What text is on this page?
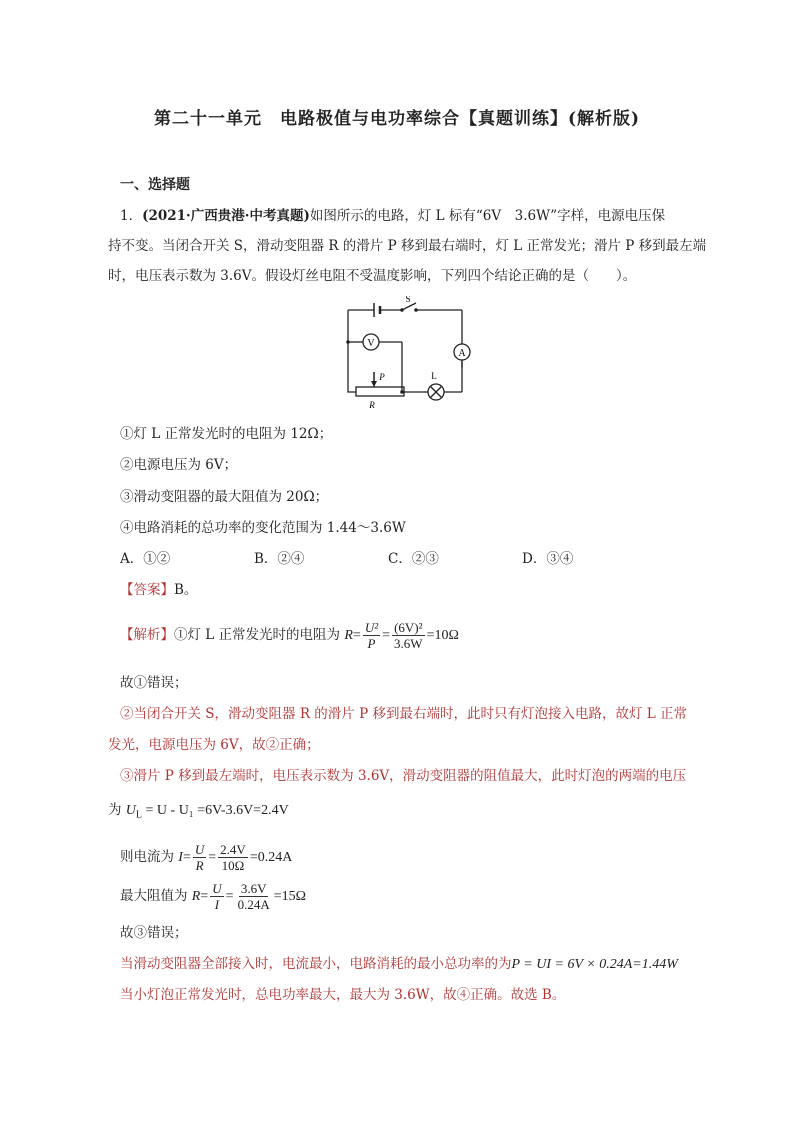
第二十一单元　电路极值与电功率综合【真题训练】(解析版)
一、选择题
1．(2021·广西贵港·中考真题)如图所示的电路，灯 L 标有“6V　3.6W”字样，电源电压保
持不变。当闭合开关 S，滑动变阻器 R 的滑片 P 移到最右端时，灯 L 正常发光；滑片 P 移到最左端
时，电压表示数为 3.6V。假设灯丝电阻不受温度影响，下列四个结论正确的是（　　）。
V
A
S
L
P
R
①灯 L 正常发光时的电阻为 12Ω；
②电源电压为 6V；
③滑动变阻器的最大阻值为 20Ω；
④电路消耗的总功率的变化范围为 1.44～3.6W
A．①②	B．②④	C．②③	D．③④
【答案】B。
【解析】①灯 L 正常发光时的电阻为 $R= \frac{\text{U²}}{P} = \frac{\text{(6V)²}}{3.6W} =10\Omega$
故①错误；
②当闭合开关 S，滑动变阻器 R 的滑片 P 移到最右端时，此时只有灯泡接入电路，故灯 L 正常
发光，电源电压为 6V，故②正确；
③滑片 P 移到最左端时，电压表示数为 3.6V，滑动变阻器的阻值最大，此时灯泡的两端的电压
为 $U_L = U - U_1 =6V-3.6V=2.4V$
则电流为 $I= \frac{U}{R} = \frac{2.4V}{10\Omega} =0.24A$
最大阻值为 $R= \frac{U}{I} = \frac{3.6V}{0.24A} =15\Omega$
故③错误；
当滑动变阻器全部接入时，电流最小，电路消耗的最小总功率的为P = UI = 6V × 0.24A=1.44W
当小灯泡正常发光时，总电功率最大，最大为 3.6W，故④正确。故选 B。
